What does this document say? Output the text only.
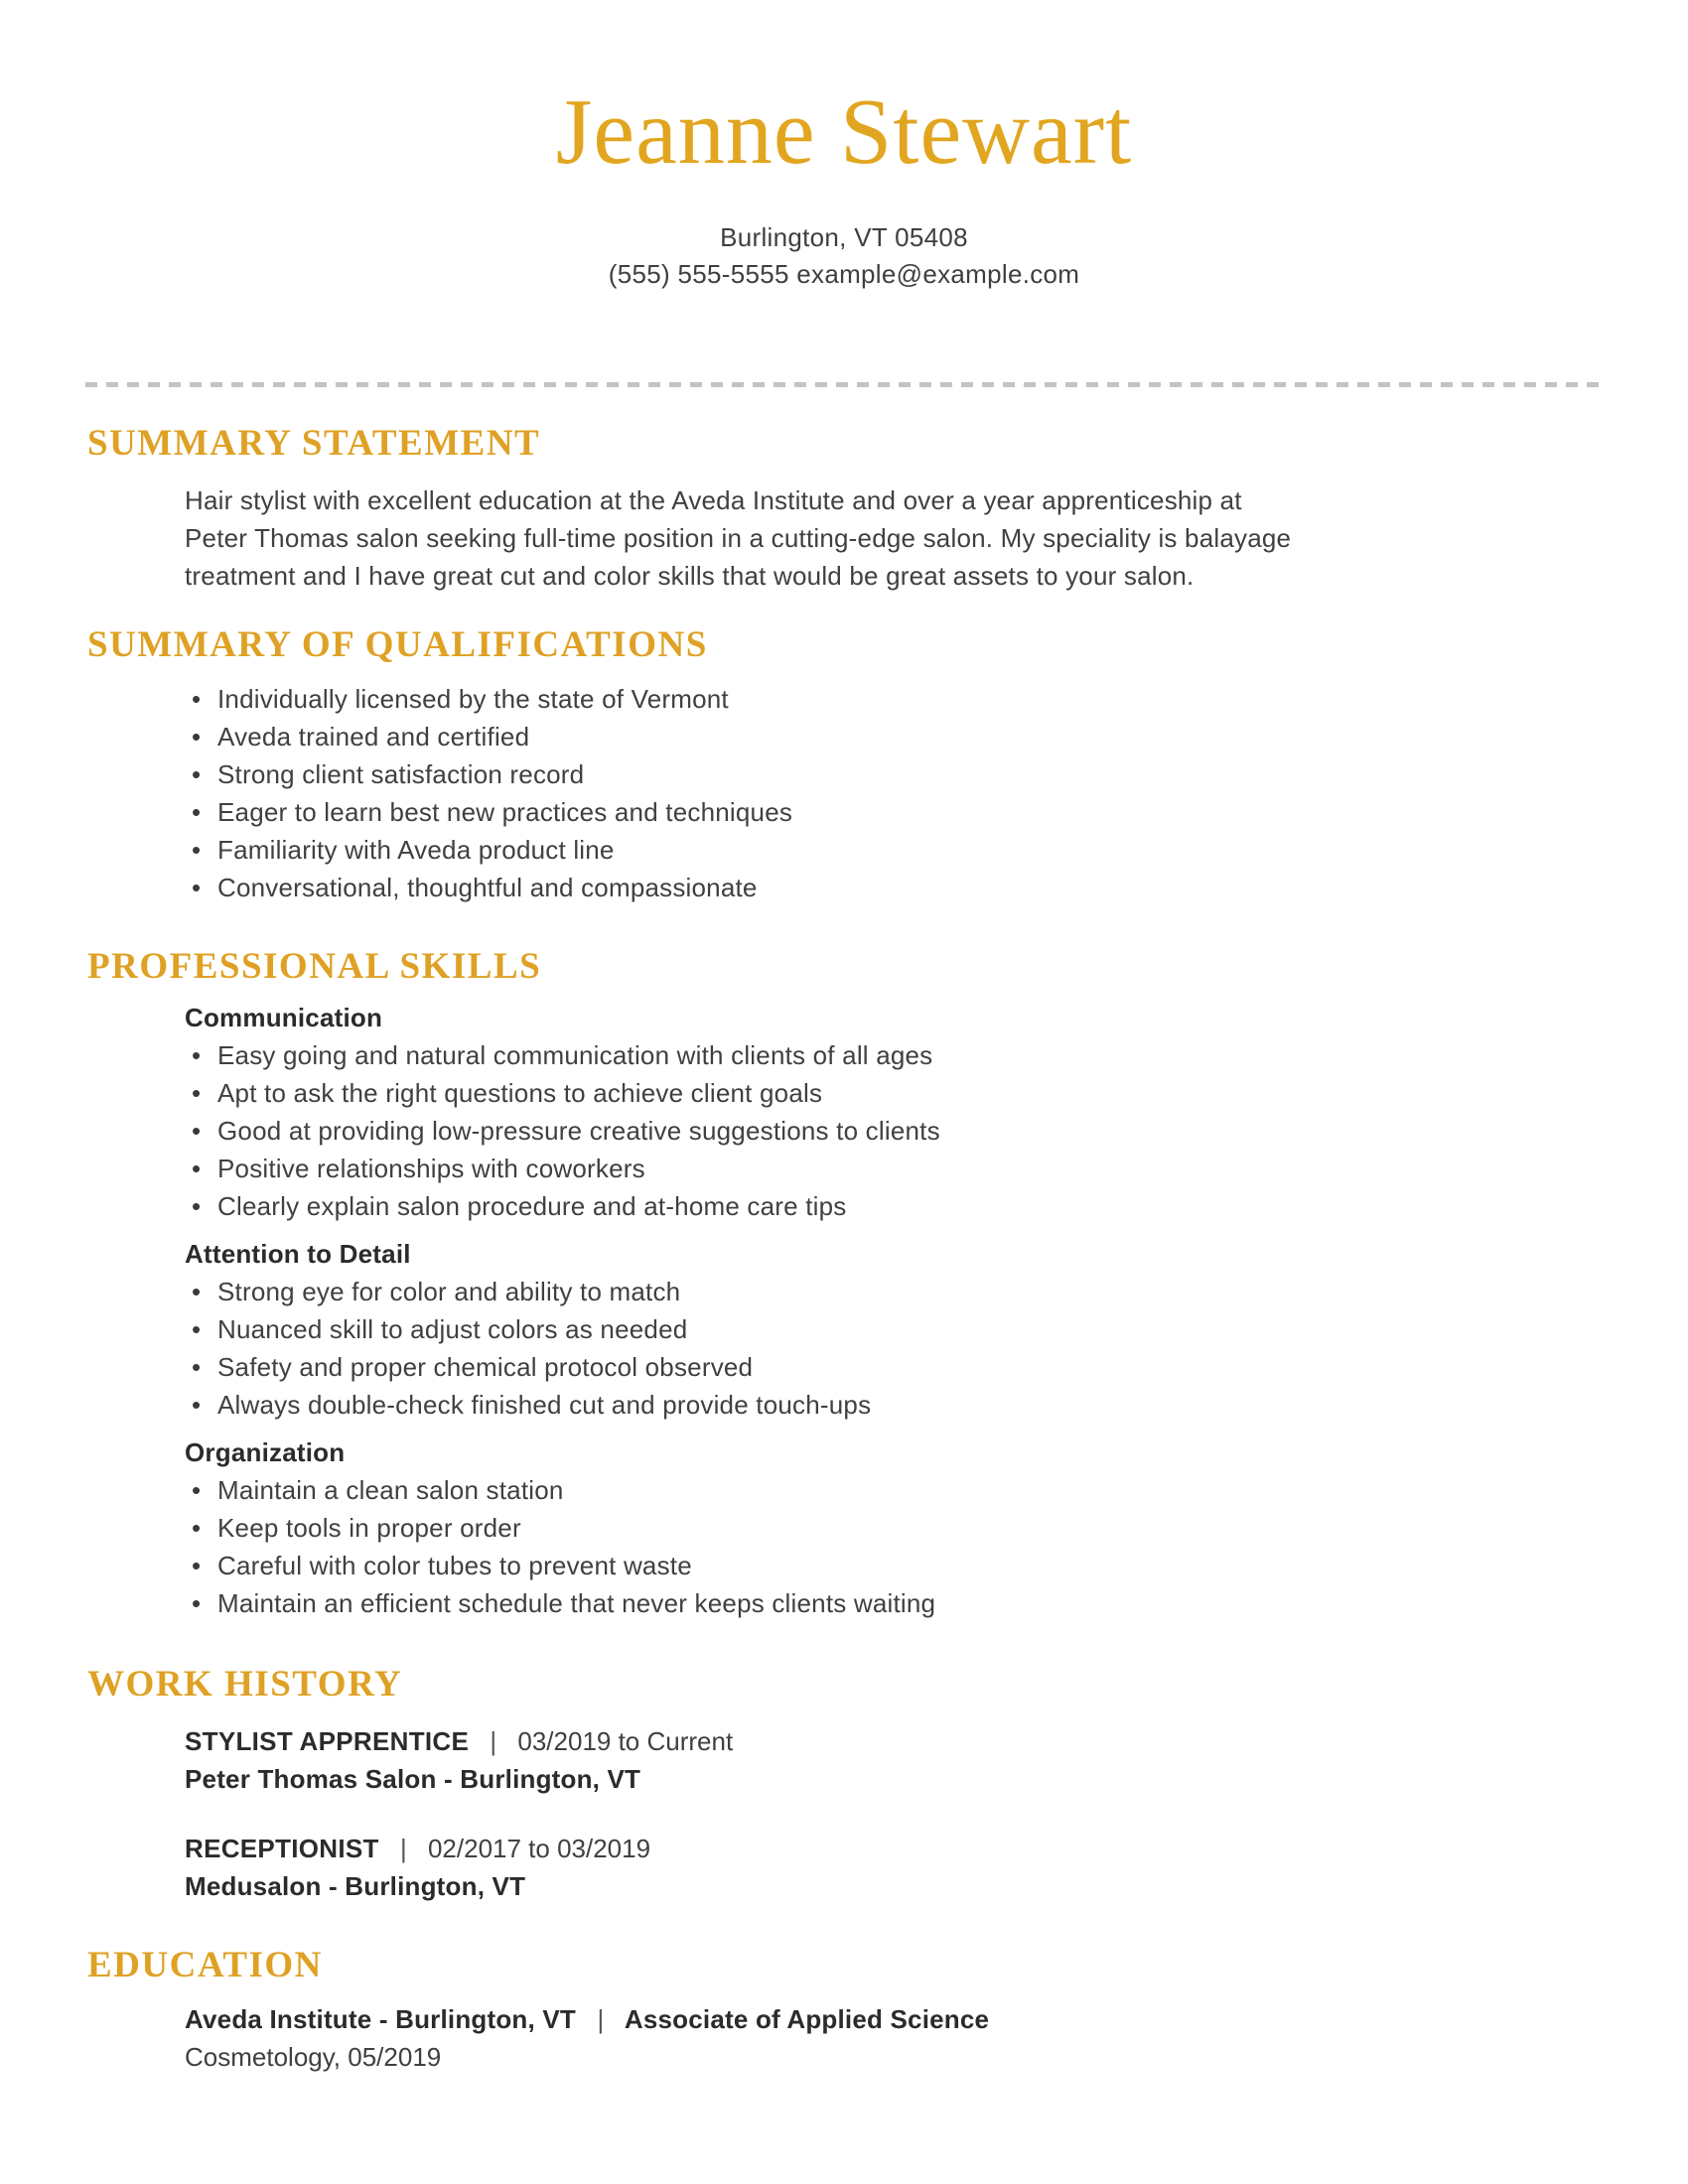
Jeanne Stewart
Burlington, VT 05408
(555) 555-5555 example@example.com
SUMMARY STATEMENT
Hair stylist with excellent education at the Aveda Institute and over a year apprenticeship at
Peter Thomas salon seeking full-time position in a cutting-edge salon. My speciality is balayage
treatment and I have great cut and color skills that would be great assets to your salon.
SUMMARY OF QUALIFICATIONS
• Individually licensed by the state of Vermont
• Aveda trained and certified
• Strong client satisfaction record
• Eager to learn best new practices and techniques
• Familiarity with Aveda product line
• Conversational, thoughtful and compassionate
PROFESSIONAL SKILLS
Communication
• Easy going and natural communication with clients of all ages
• Apt to ask the right questions to achieve client goals
• Good at providing low-pressure creative suggestions to clients
• Positive relationships with coworkers
• Clearly explain salon procedure and at-home care tips
Attention to Detail
• Strong eye for color and ability to match
• Nuanced skill to adjust colors as needed
• Safety and proper chemical protocol observed
• Always double-check finished cut and provide touch-ups
Organization
• Maintain a clean salon station
• Keep tools in proper order
• Careful with color tubes to prevent waste
• Maintain an efficient schedule that never keeps clients waiting
WORK HISTORY
STYLIST APPRENTICE | 03/2019 to Current
Peter Thomas Salon - Burlington, VT
RECEPTIONIST | 02/2017 to 03/2019
Medusalon - Burlington, VT
EDUCATION
Aveda Institute - Burlington, VT | Associate of Applied Science
Cosmetology, 05/2019
